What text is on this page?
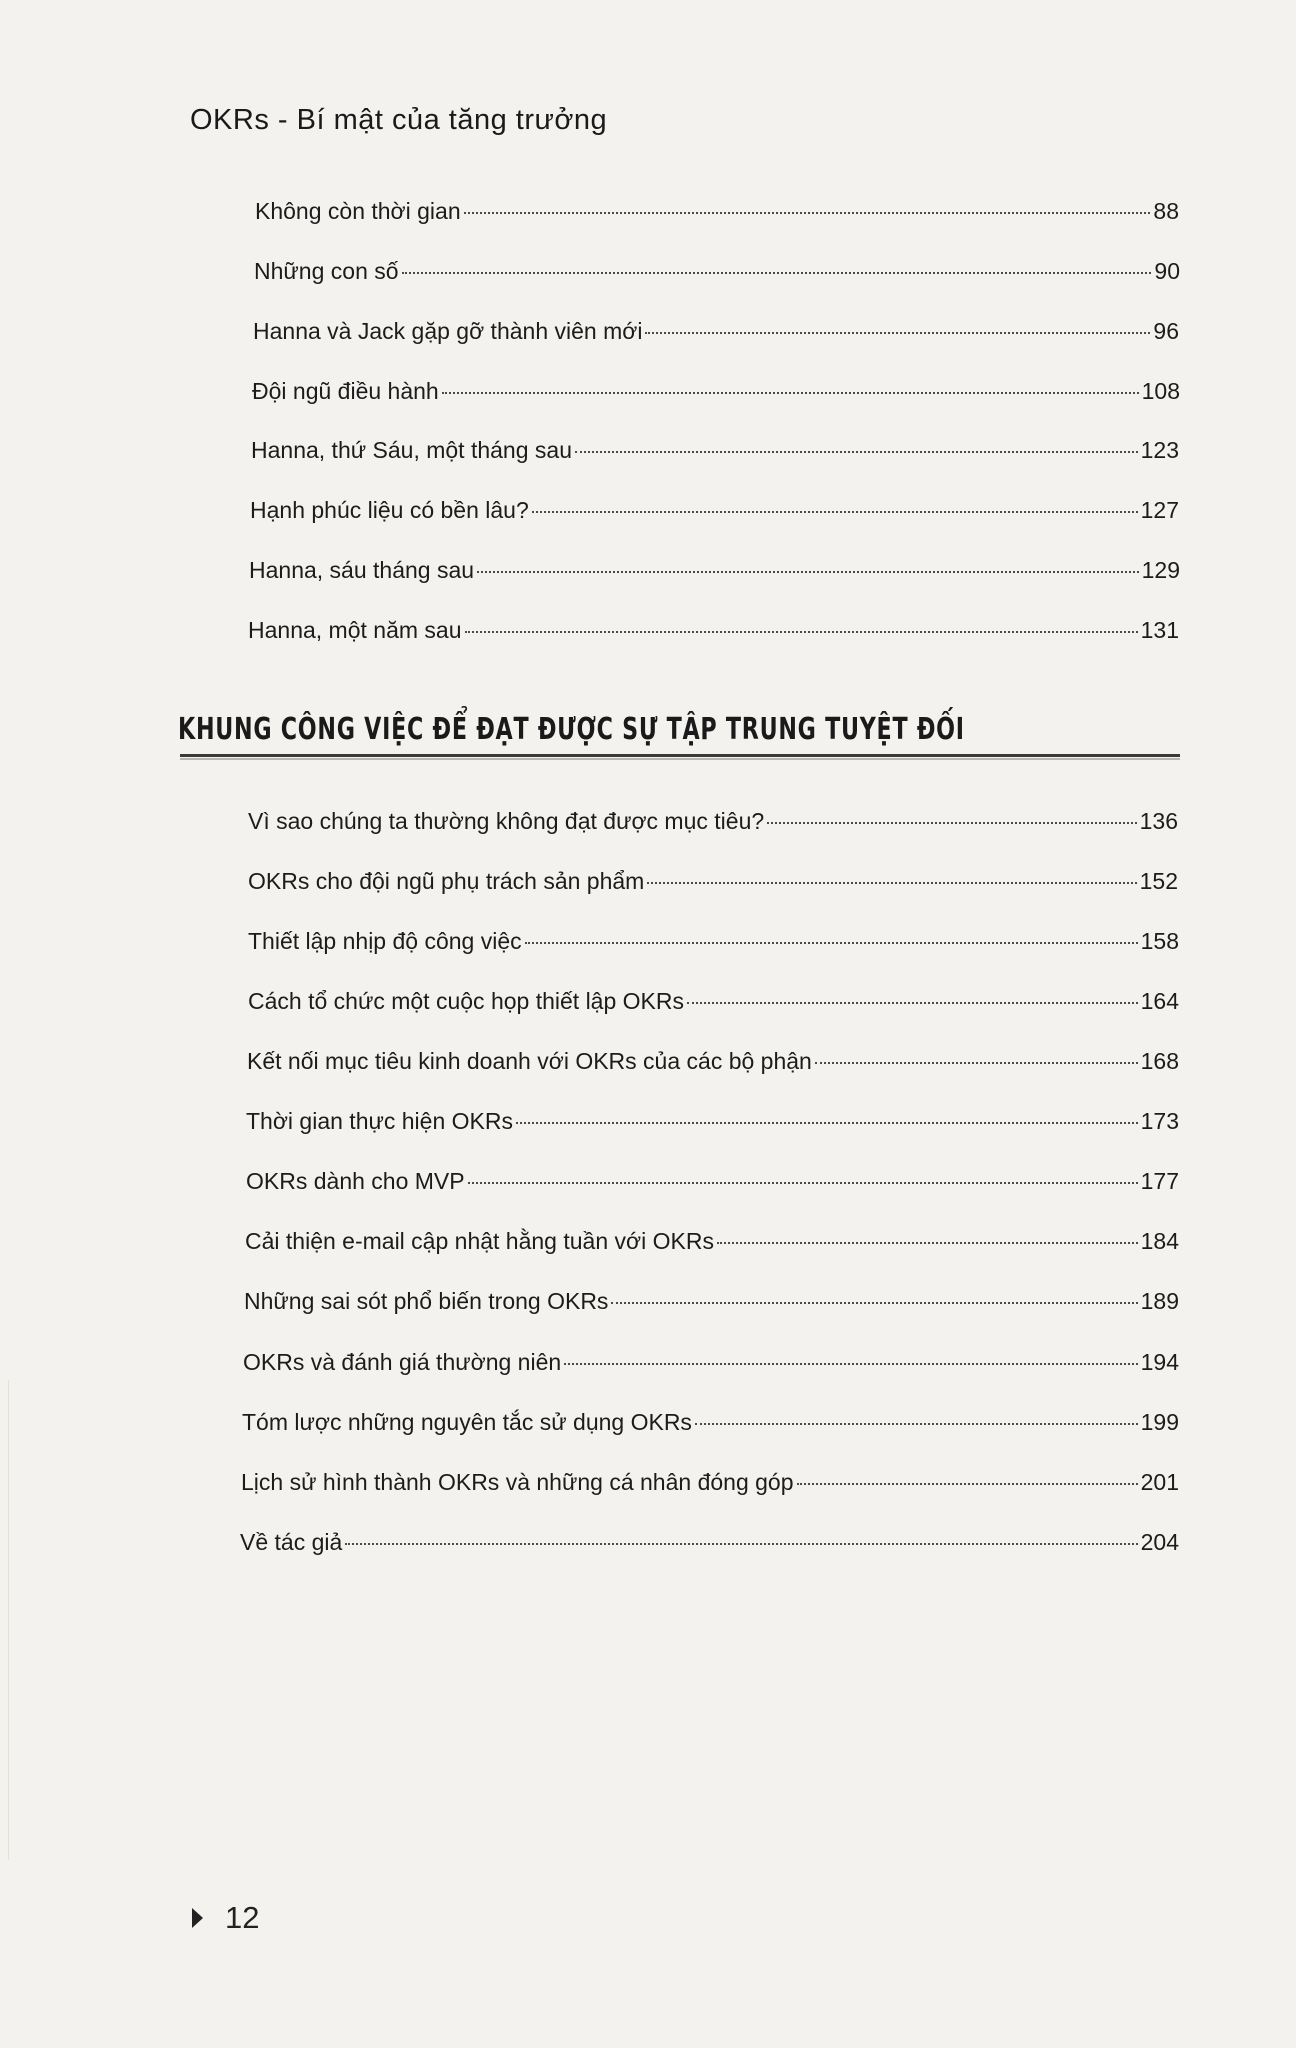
OKRs - Bí mật của tăng trưởng
Không còn thời gian	88
Những con số	90
Hanna và Jack gặp gỡ thành viên mới	96
Đội ngũ điều hành	108
Hanna, thứ Sáu, một tháng sau	123
Hạnh phúc liệu có bền lâu?	127
Hanna, sáu tháng sau	129
Hanna, một năm sau	131
Vì sao chúng ta thường không đạt được mục tiêu?	136
OKRs cho đội ngũ phụ trách sản phẩm	152
Thiết lập nhịp độ công việc	158
Cách tổ chức một cuộc họp thiết lập OKRs	164
Kết nối mục tiêu kinh doanh với OKRs của các bộ phận	168
Thời gian thực hiện OKRs	173
OKRs dành cho MVP	177
Cải thiện e-mail cập nhật hằng tuần với OKRs	184
Những sai sót phổ biến trong OKRs	189
OKRs và đánh giá thường niên	194
Tóm lược những nguyên tắc sử dụng OKRs	199
Lịch sử hình thành OKRs và những cá nhân đóng góp	201
Về tác giả	204
KHUNG CÔNG VIỆC ĐỂ ĐẠT ĐƯỢC SỰ TẬP TRUNG TUYỆT ĐỐI
12
